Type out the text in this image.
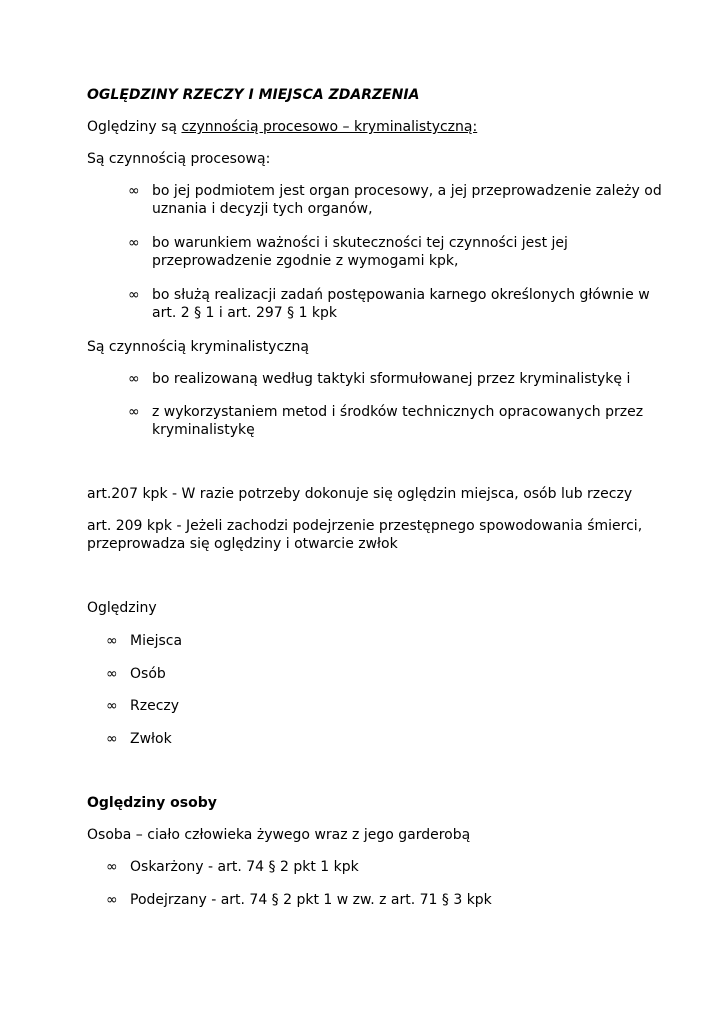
OGLĘDZINY RZECZY I MIEJSCA ZDARZENIA
Oględziny są czynnością procesowo – kryminalistyczną:
Są czynnością procesową:
∞ bo jej podmiotem jest organ procesowy, a jej przeprowadzenie zależy od
uznania i decyzji tych organów,
∞ bo warunkiem ważności i skuteczności tej czynności jest jej
przeprowadzenie zgodnie z wymogami kpk,
∞ bo służą realizacji zadań postępowania karnego określonych głównie w
art. 2 § 1 i art. 297 § 1 kpk
Są czynnością kryminalistyczną
∞ bo realizowaną według taktyki sformułowanej przez kryminalistykę i
∞ z wykorzystaniem metod i środków technicznych opracowanych przez
kryminalistykę
art.207 kpk - W razie potrzeby dokonuje się oględzin miejsca, osób lub rzeczy
art. 209 kpk - Jeżeli zachodzi podejrzenie przestępnego spowodowania śmierci,
przeprowadza się oględziny i otwarcie zwłok
Oględziny
∞ Miejsca
∞ Osób
∞ Rzeczy
∞ Zwłok
Oględziny osoby
Osoba – ciało człowieka żywego wraz z jego garderobą
∞ Oskarżony - art. 74 § 2 pkt 1 kpk
∞ Podejrzany - art. 74 § 2 pkt 1 w zw. z art. 71 § 3 kpk
